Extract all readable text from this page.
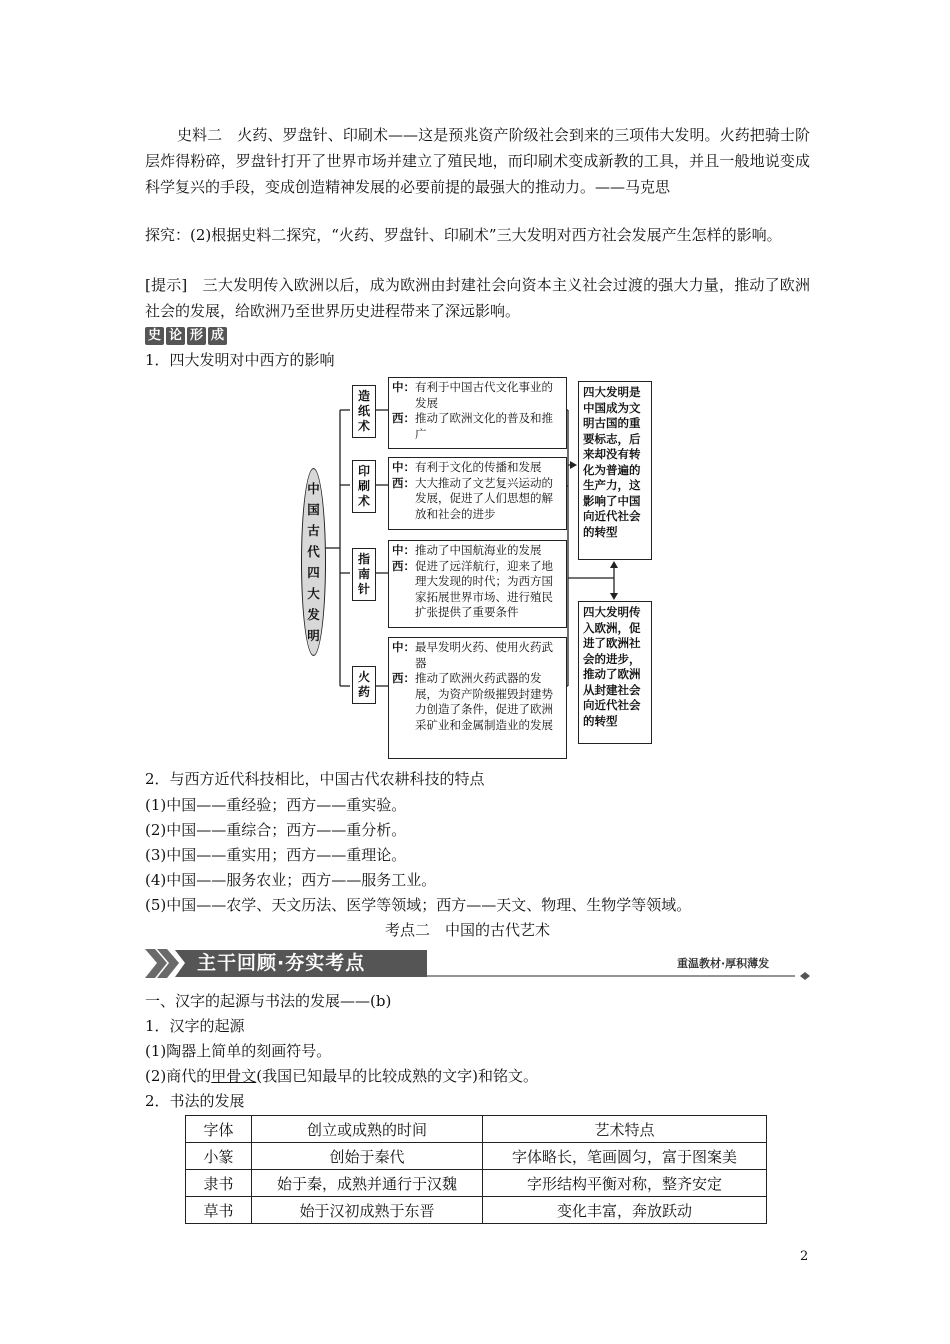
史料二　火药、罗盘针、印刷术——这是预兆资产阶级社会到来的三项伟大发明。火药把骑士阶层炸得粉碎，罗盘针打开了世界市场并建立了殖民地，而印刷术变成新教的工具，并且一般地说变成科学复兴的手段，变成创造精神发展的必要前提的最强大的推动力。——马克思
探究：(2)根据史料二探究，“火药、罗盘针、印刷术”三大发明对西方社会发展产生怎样的影响。
[提示]　三大发明传入欧洲以后，成为欧洲由封建社会向资本主义社会过渡的强大力量，推动了欧洲社会的发展，给欧洲乃至世界历史进程带来了深远影响。
史 论 形 成
1．四大发明对中西方的影响
中
国
古
代
四
大
发
明
造
纸
术
中： 有利于中国古代文化事业的发展
西： 推动了欧洲文化的普及和推广
印
刷
术
中： 有利于文化的传播和发展
西： 大大推动了文艺复兴运动的发展，促进了人们思想的解放和社会的进步
指
南
针
中： 推动了中国航海业的发展
西： 促进了远洋航行，迎来了地理大发现的时代；为西方国家拓展世界市场、进行殖民扩张提供了重要条件
火
药
中： 最早发明火药、使用火药武器
西： 推动了欧洲火药武器的发展，为资产阶级摧毁封建势力创造了条件，促进了欧洲采矿业和金属制造业的发展
四大发明是中国成为文明古国的重要标志，后来却没有转化为普遍的生产力，这影响了中国向近代社会的转型
四大发明传入欧洲，促进了欧洲社会的进步，推动了欧洲从封建社会向近代社会的转型
2．与西方近代科技相比，中国古代农耕科技的特点
(1)中国——重经验；西方——重实验。
(2)中国——重综合；西方——重分析。
(3)中国——重实用；西方——重理论。
(4)中国——服务农业；西方——服务工业。
(5)中国——农学、天文历法、医学等领域；西方——天文、物理、生物学等领域。
考点二　中国的古代艺术
主干回顾·夯实考点	重温教材·厚积薄发
一、汉字的起源与书法的发展——(b)
1．汉字的起源
(1)陶器上简单的刻画符号。
(2)商代的甲骨文(我国已知最早的比较成熟的文字)和铭文。
2．书法的发展
字体	创立或成熟的时间	艺术特点
小篆	创始于秦代	字体略长，笔画圆匀，富于图案美
隶书	始于秦，成熟并通行于汉魏	字形结构平衡对称，整齐安定
草书	始于汉初成熟于东晋	变化丰富，奔放跃动
2
